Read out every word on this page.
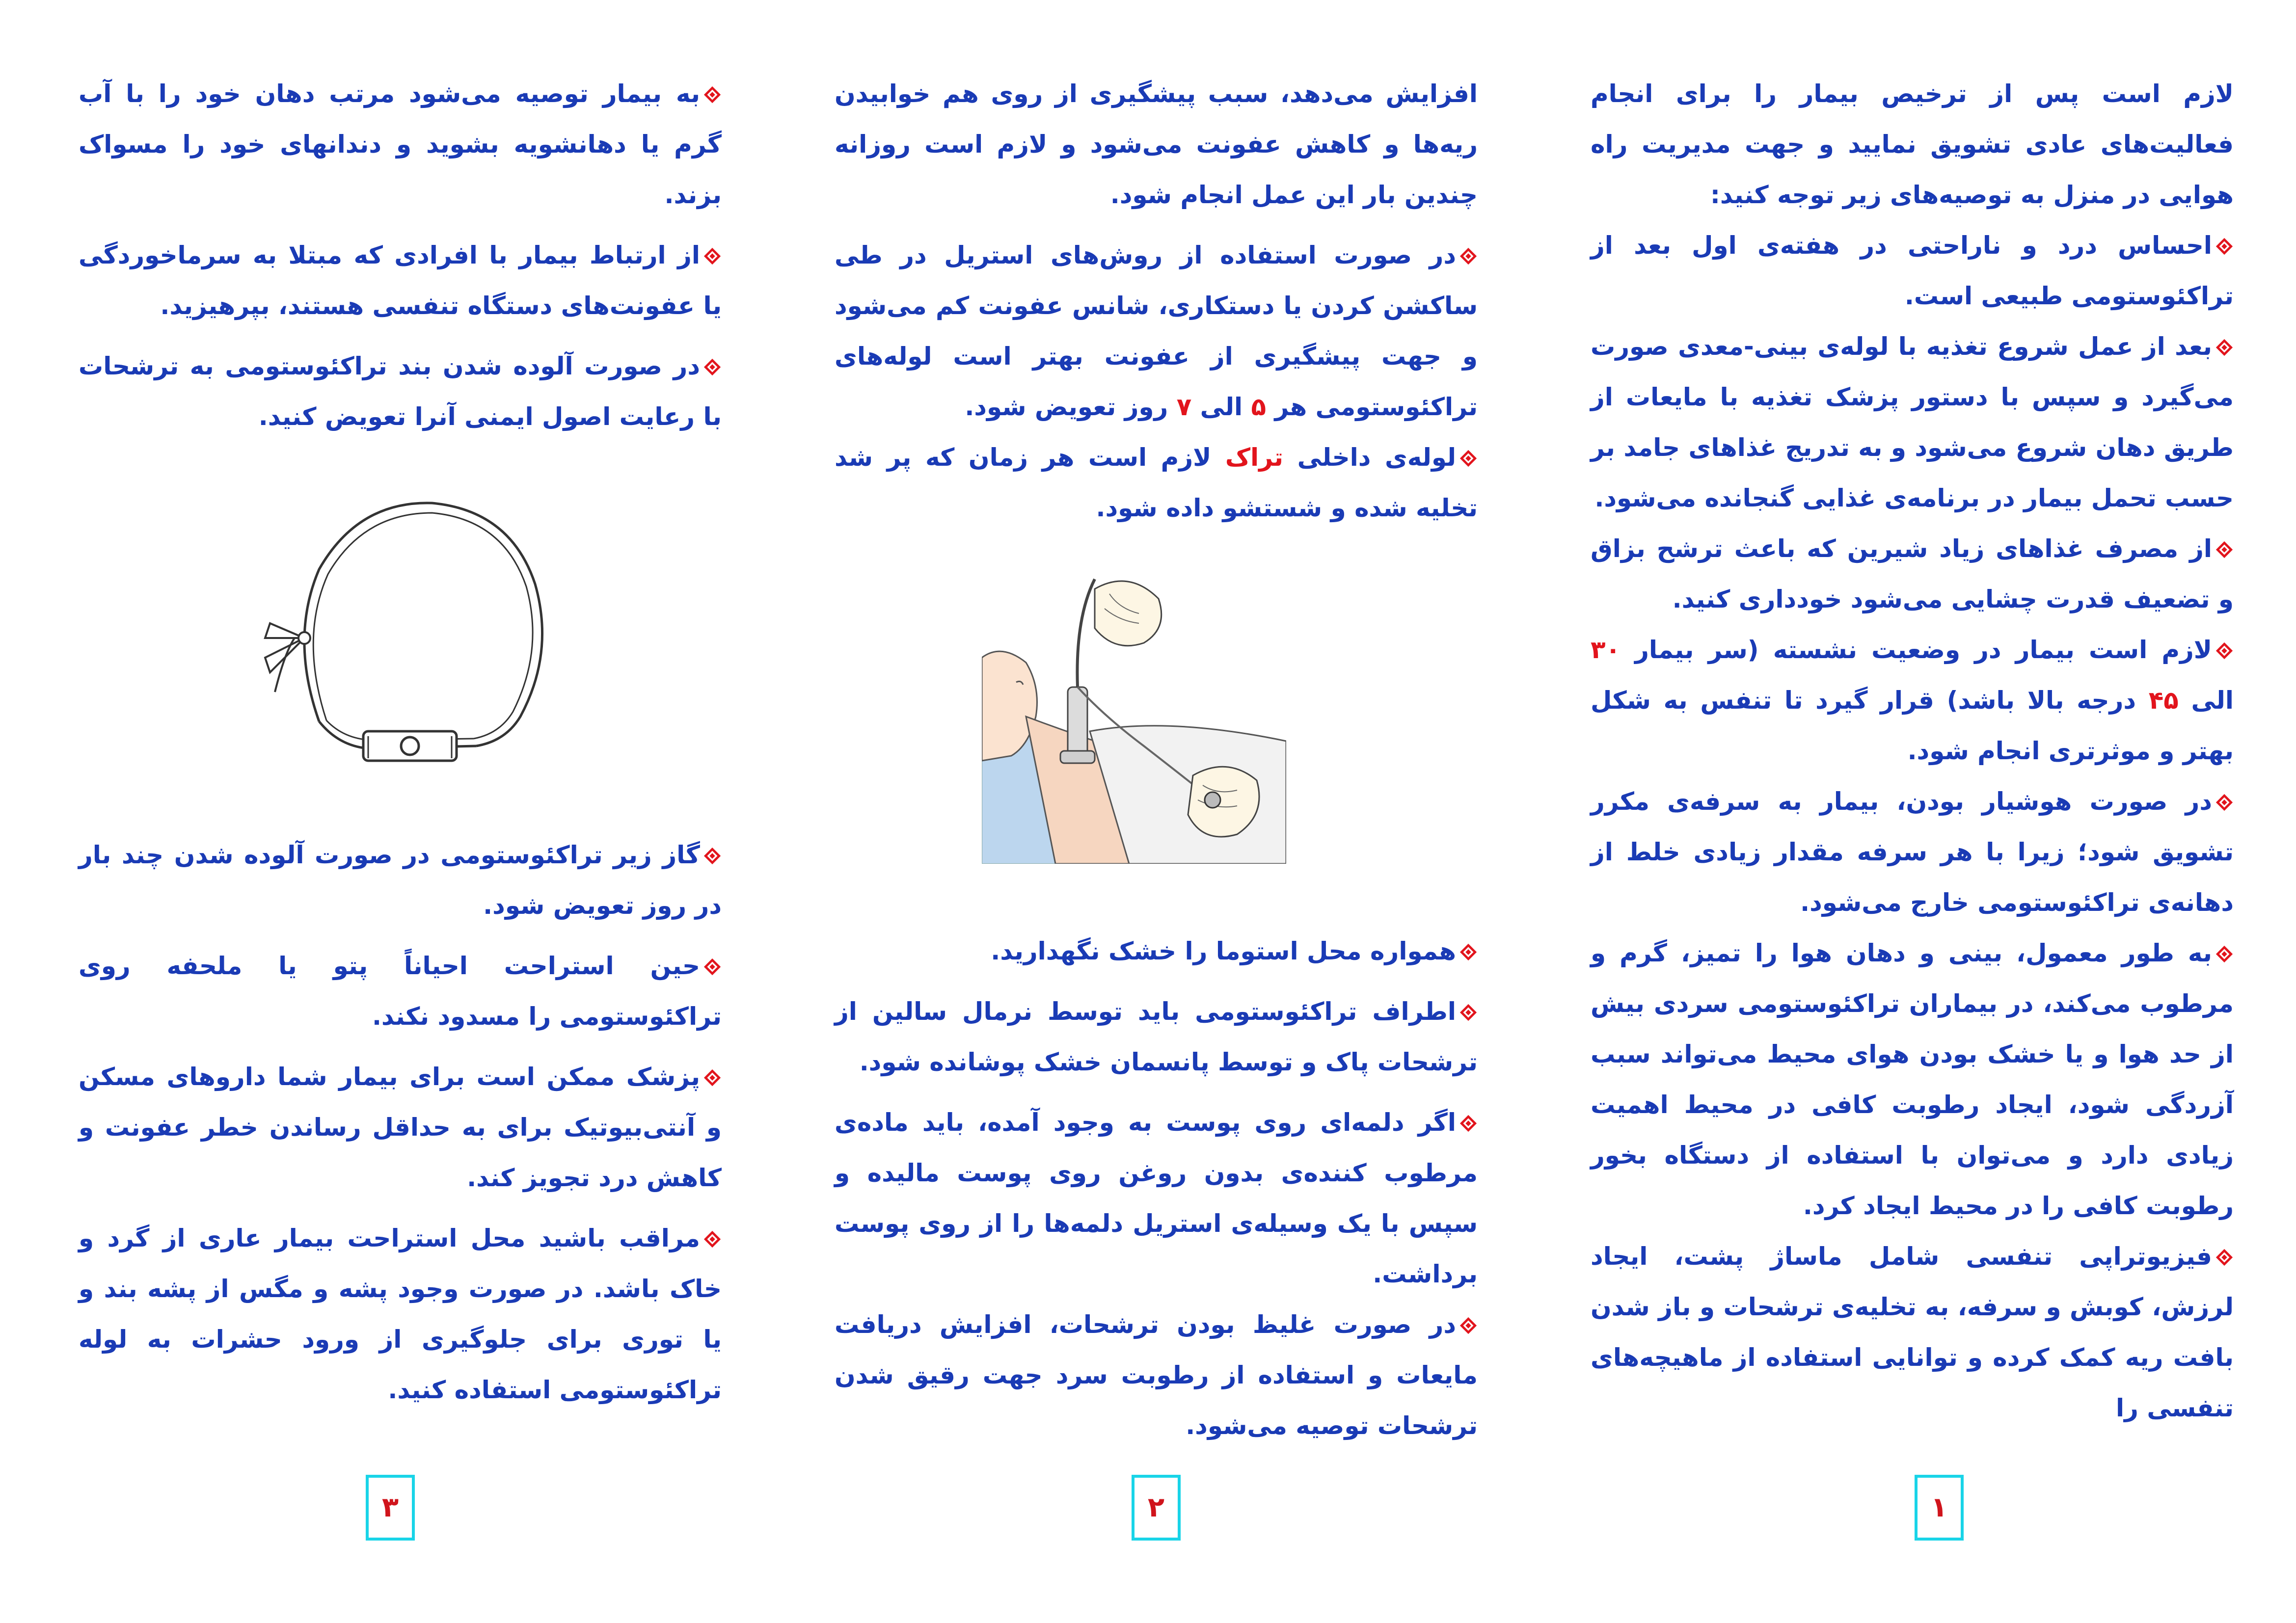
لازم است پس از ترخیص بیمار را برای انجام فعالیت‌های عادی تشویق نمایید و جهت مدیریت راه هوایی در منزل به توصیه‌های زیر توجه کنید:

احساس درد و ناراحتی در هفته‌ی اول بعد از تراکئوستومی طبیعی است.

بعد از عمل شروع تغذیه با لوله‌ی بینی-معدی صورت می‌گیرد و سپس با دستور پزشک تغذیه با مایعات از طریق دهان شروع می‌شود و به تدریج غذاهای جامد بر حسب تحمل بیمار در برنامه‌ی غذایی گنجانده می‌شود.

از مصرف غذاهای زیاد شیرین که باعث ترشح بزاق و تضعیف قدرت چشایی می‌شود خودداری کنید.

لازم است بیمار در وضعیت نشسته (سر بیمار ۳۰ الی ۴۵ درجه بالا باشد) قرار گیرد تا تنفس به شکل بهتر و موثرتری انجام شود.

در صورت هوشیار بودن، بیمار به سرفه‌ی مکرر تشویق شود؛ زیرا با هر سرفه مقدار زیادی خلط از دهانه‌ی تراکئوستومی خارج می‌شود.

به طور معمول، بینی و دهان هوا را تمیز، گرم و مرطوب می‌کند، در بیماران تراکئوستومی سردی بیش از حد هوا و یا خشک بودن هوای محیط می‌تواند سبب آزردگی شود، ایجاد رطوبت کافی در محیط اهمیت زیادی دارد و می‌توان با استفاده از دستگاه بخور رطوبت کافی را در محیط ایجاد کرد.

فیزیوتراپی تنفسی شامل ماساژ پشت، ایجاد لرزش، کوبش و سرفه، به تخلیه‌ی ترشحات و باز شدن بافت ریه کمک کرده و توانایی استفاده از ماهیچه‌های تنفسی را

افزایش می‌دهد، سبب پیشگیری از روی هم خوابیدن ریه‌ها و کاهش عفونت می‌شود و لازم است روزانه چندین بار این عمل انجام شود.

در صورت استفاده از روش‌های استریل در طی ساکشن کردن یا دستکاری، شانس عفونت کم می‌شود و جهت پیشگیری از عفونت بهتر است لوله‌های تراکئوستومی هر ۵ الی ۷ روز تعویض شود.

لوله‌ی داخلی تراک لازم است هر زمان که پر شد تخلیه شده و شستشو داده شود.

همواره محل استوما را خشک نگهدارید.

اطراف تراکئوستومی باید توسط نرمال سالین از ترشحات پاک و توسط پانسمان خشک پوشانده شود.

اگر دلمه‌ای روی پوست به وجود آمده، باید ماده‌ی مرطوب کننده‌ی بدون روغن روی پوست مالیده و سپس با یک وسیله‌ی استریل دلمه‌ها را از روی پوست برداشت.

در صورت غلیظ بودن ترشحات، افزایش دریافت مایعات و استفاده از رطوبت سرد جهت رقیق شدن ترشحات توصیه می‌شود.

به بیمار توصیه می‌شود مرتب دهان خود را با آب گرم یا دهانشویه بشوید و دندانهای خود را مسواک بزند.

از ارتباط بیمار با افرادی که مبتلا به سرماخوردگی یا عفونت‌های دستگاه تنفسی هستند، بپرهیزید.

در صورت آلوده شدن بند تراکئوستومی به ترشحات با رعایت اصول ایمنی آنرا تعویض کنید.

گاز زیر تراکئوستومی در صورت آلوده شدن چند بار در روز تعویض شود.

حین استراحت احیاناً پتو یا ملحفه روی تراکئوستومی را مسدود نکند.

پزشک ممکن است برای بیمار شما داروهای مسکن و آنتی‌بیوتیک برای به حداقل رساندن خطر عفونت و کاهش درد تجویز کند.

مراقب باشید محل استراحت بیمار عاری از گرد و خاک باشد. در صورت وجود پشه و مگس از پشه بند و یا توری برای جلوگیری از ورود حشرات به لوله تراکئوستومی استفاده کنید.

۱
۲
۳
